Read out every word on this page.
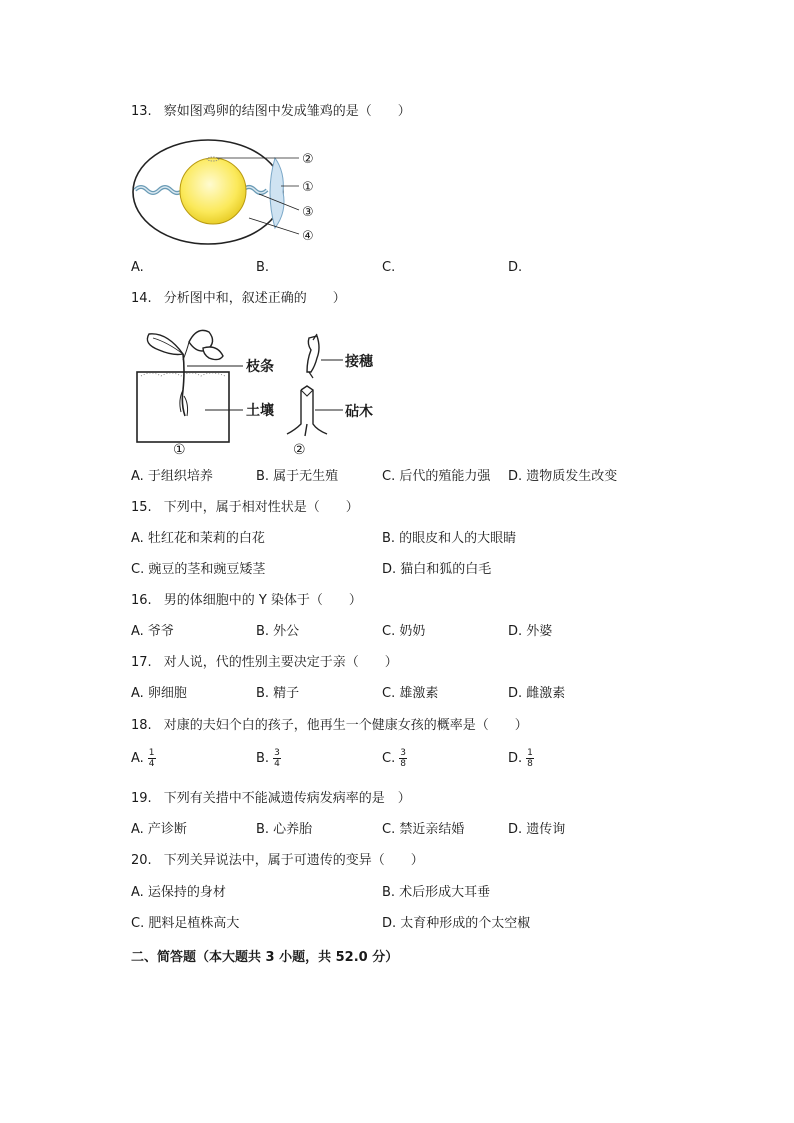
13. 察如图鸡卵的结图中发成雏鸡的是（　　）
②
①
③
④
A.	B.	C.	D.
14. 分析图中和，叙述正确的　　）
枝条
土壤
①
接穗
砧木
②
A. 于组织培养	B. 属于无生殖	C. 后代的殖能力强 D. 遗物质发生改变
15. 下列中，属于相对性状是（　　）
A. 牡红花和茉莉的白花	B. 的眼皮和人的大眼睛
C. 豌豆的茎和豌豆矮茎	D. 猫白和狐的白毛
16. 男的体细胞中的 Y 染体于（　　）
A. 爷爷	B. 外公	C. 奶奶	D. 外婆
17. 对人说，代的性别主要决定于亲（　　）
A. 卵细胞	B. 精子	C. 雄激素	D. 雌激素
18. 对康的夫妇个白的孩子，他再生一个健康女孩的概率是（　　）
A. $\frac{1}{4}$	B. $\frac{3}{4}$	C. $\frac{3}{8}$	D. $\frac{1}{8}$
19. 下列有关措中不能减遗传病发病率的是　）
A. 产诊断	B. 心养胎	C. 禁近亲结婚	D. 遗传询
20. 下列关异说法中，属于可遗传的变异（　　）
A. 运保持的身材	B. 术后形成大耳垂
C. 肥料足植株高大	D. 太育种形成的个太空椒
二、简答题（本大题共 3 小题，共 52.0 分）
